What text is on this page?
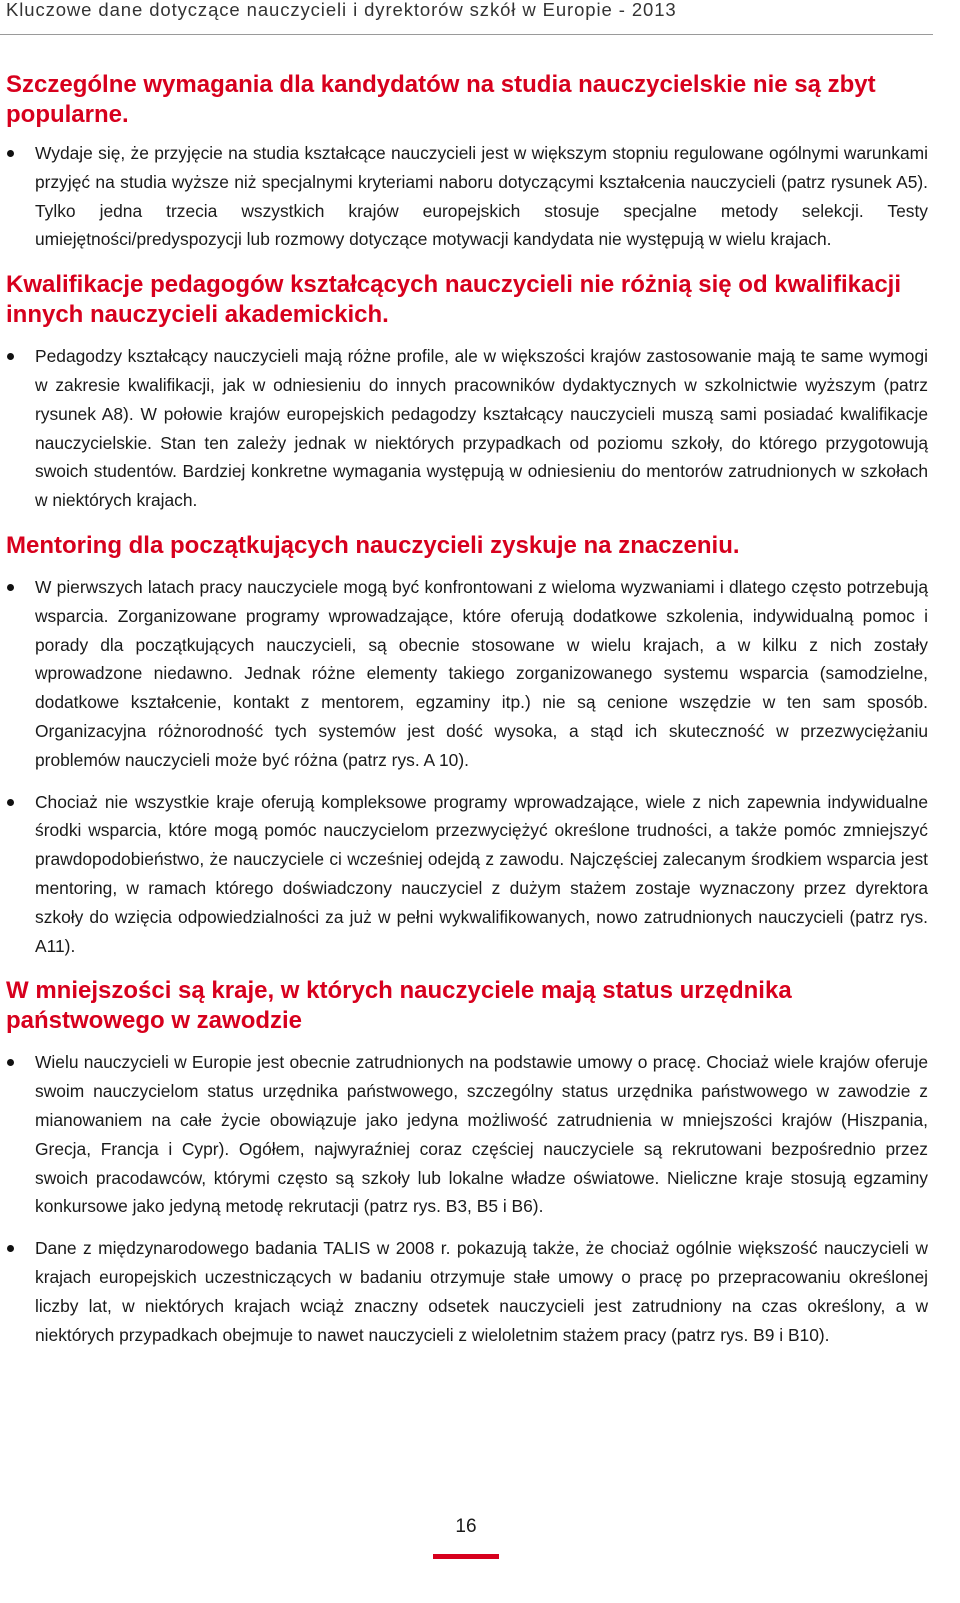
Kluczowe dane dotyczące nauczycieli i dyrektorów szkół w Europie - 2013
Szczególne wymagania dla kandydatów na studia nauczycielskie nie są zbyt popularne.
Wydaje się, że przyjęcie na studia kształcące nauczycieli jest w większym stopniu regulowane ogólnymi warunkami przyjęć na studia wyższe niż specjalnymi kryteriami naboru dotyczącymi kształcenia nauczycieli (patrz rysunek A5). Tylko jedna trzecia wszystkich krajów europejskich stosuje specjalne metody selekcji. Testy umiejętności/predyspozycji lub rozmowy dotyczące motywacji kandydata nie występują w wielu krajach.
Kwalifikacje pedagogów kształcących nauczycieli nie różnią się od kwalifikacji innych nauczycieli akademickich.
Pedagodzy kształcący nauczycieli mają różne profile, ale w większości krajów zastosowanie mają te same wymogi w zakresie kwalifikacji, jak w odniesieniu do innych pracowników dydaktycznych w szkolnictwie wyższym (patrz rysunek A8). W połowie krajów europejskich pedagodzy kształcący nauczycieli muszą sami posiadać kwalifikacje nauczycielskie. Stan ten zależy jednak w niektórych przypadkach od poziomu szkoły, do którego przygotowują swoich studentów. Bardziej konkretne wymagania występują w odniesieniu do mentorów zatrudnionych w szkołach w niektórych krajach.
Mentoring dla początkujących nauczycieli zyskuje na znaczeniu.
W pierwszych latach pracy nauczyciele mogą być konfrontowani z wieloma wyzwaniami i dlatego często potrzebują wsparcia. Zorganizowane programy wprowadzające, które oferują dodatkowe szkolenia, indywidualną pomoc i porady dla początkujących nauczycieli, są obecnie stosowane w wielu krajach, a w kilku z nich zostały wprowadzone niedawno. Jednak różne elementy takiego zorganizowanego systemu wsparcia (samodzielne, dodatkowe kształcenie, kontakt z mentorem, egzaminy itp.) nie są cenione wszędzie w ten sam sposób. Organizacyjna różnorodność tych systemów jest dość wysoka, a stąd ich skuteczność w przezwyciężaniu problemów nauczycieli może być różna (patrz rys. A 10).
Chociaż nie wszystkie kraje oferują kompleksowe programy wprowadzające, wiele z nich zapewnia indywidualne środki wsparcia, które mogą pomóc nauczycielom przezwyciężyć określone trudności, a także pomóc zmniejszyć prawdopodobieństwo, że nauczyciele ci wcześniej odejdą z zawodu. Najczęściej zalecanym środkiem wsparcia jest mentoring, w ramach którego doświadczony nauczyciel z dużym stażem zostaje wyznaczony przez dyrektora szkoły do wzięcia odpowiedzialności za już w pełni wykwalifikowanych, nowo zatrudnionych nauczycieli (patrz rys. A11).
W mniejszości są kraje, w których nauczyciele mają status urzędnika państwowego w zawodzie
Wielu nauczycieli w Europie jest obecnie zatrudnionych na podstawie umowy o pracę. Chociaż wiele krajów oferuje swoim nauczycielom status urzędnika państwowego, szczególny status urzędnika państwowego w zawodzie z mianowaniem na całe życie obowiązuje jako jedyna możliwość zatrudnienia w mniejszości krajów (Hiszpania, Grecja, Francja i Cypr). Ogółem, najwyraźniej coraz częściej nauczyciele są rekrutowani bezpośrednio przez swoich pracodawców, którymi często są szkoły lub lokalne władze oświatowe. Nieliczne kraje stosują egzaminy konkursowe jako jedyną metodę rekrutacji (patrz rys. B3, B5 i B6).
Dane z międzynarodowego badania TALIS w 2008 r. pokazują także, że chociaż ogólnie większość nauczycieli w krajach europejskich uczestniczących w badaniu otrzymuje stałe umowy o pracę po przepracowaniu określonej liczby lat, w niektórych krajach wciąż znaczny odsetek nauczycieli jest zatrudniony na czas określony, a w niektórych przypadkach obejmuje to nawet nauczycieli z wieloletnim stażem pracy (patrz rys. B9 i B10).
16
